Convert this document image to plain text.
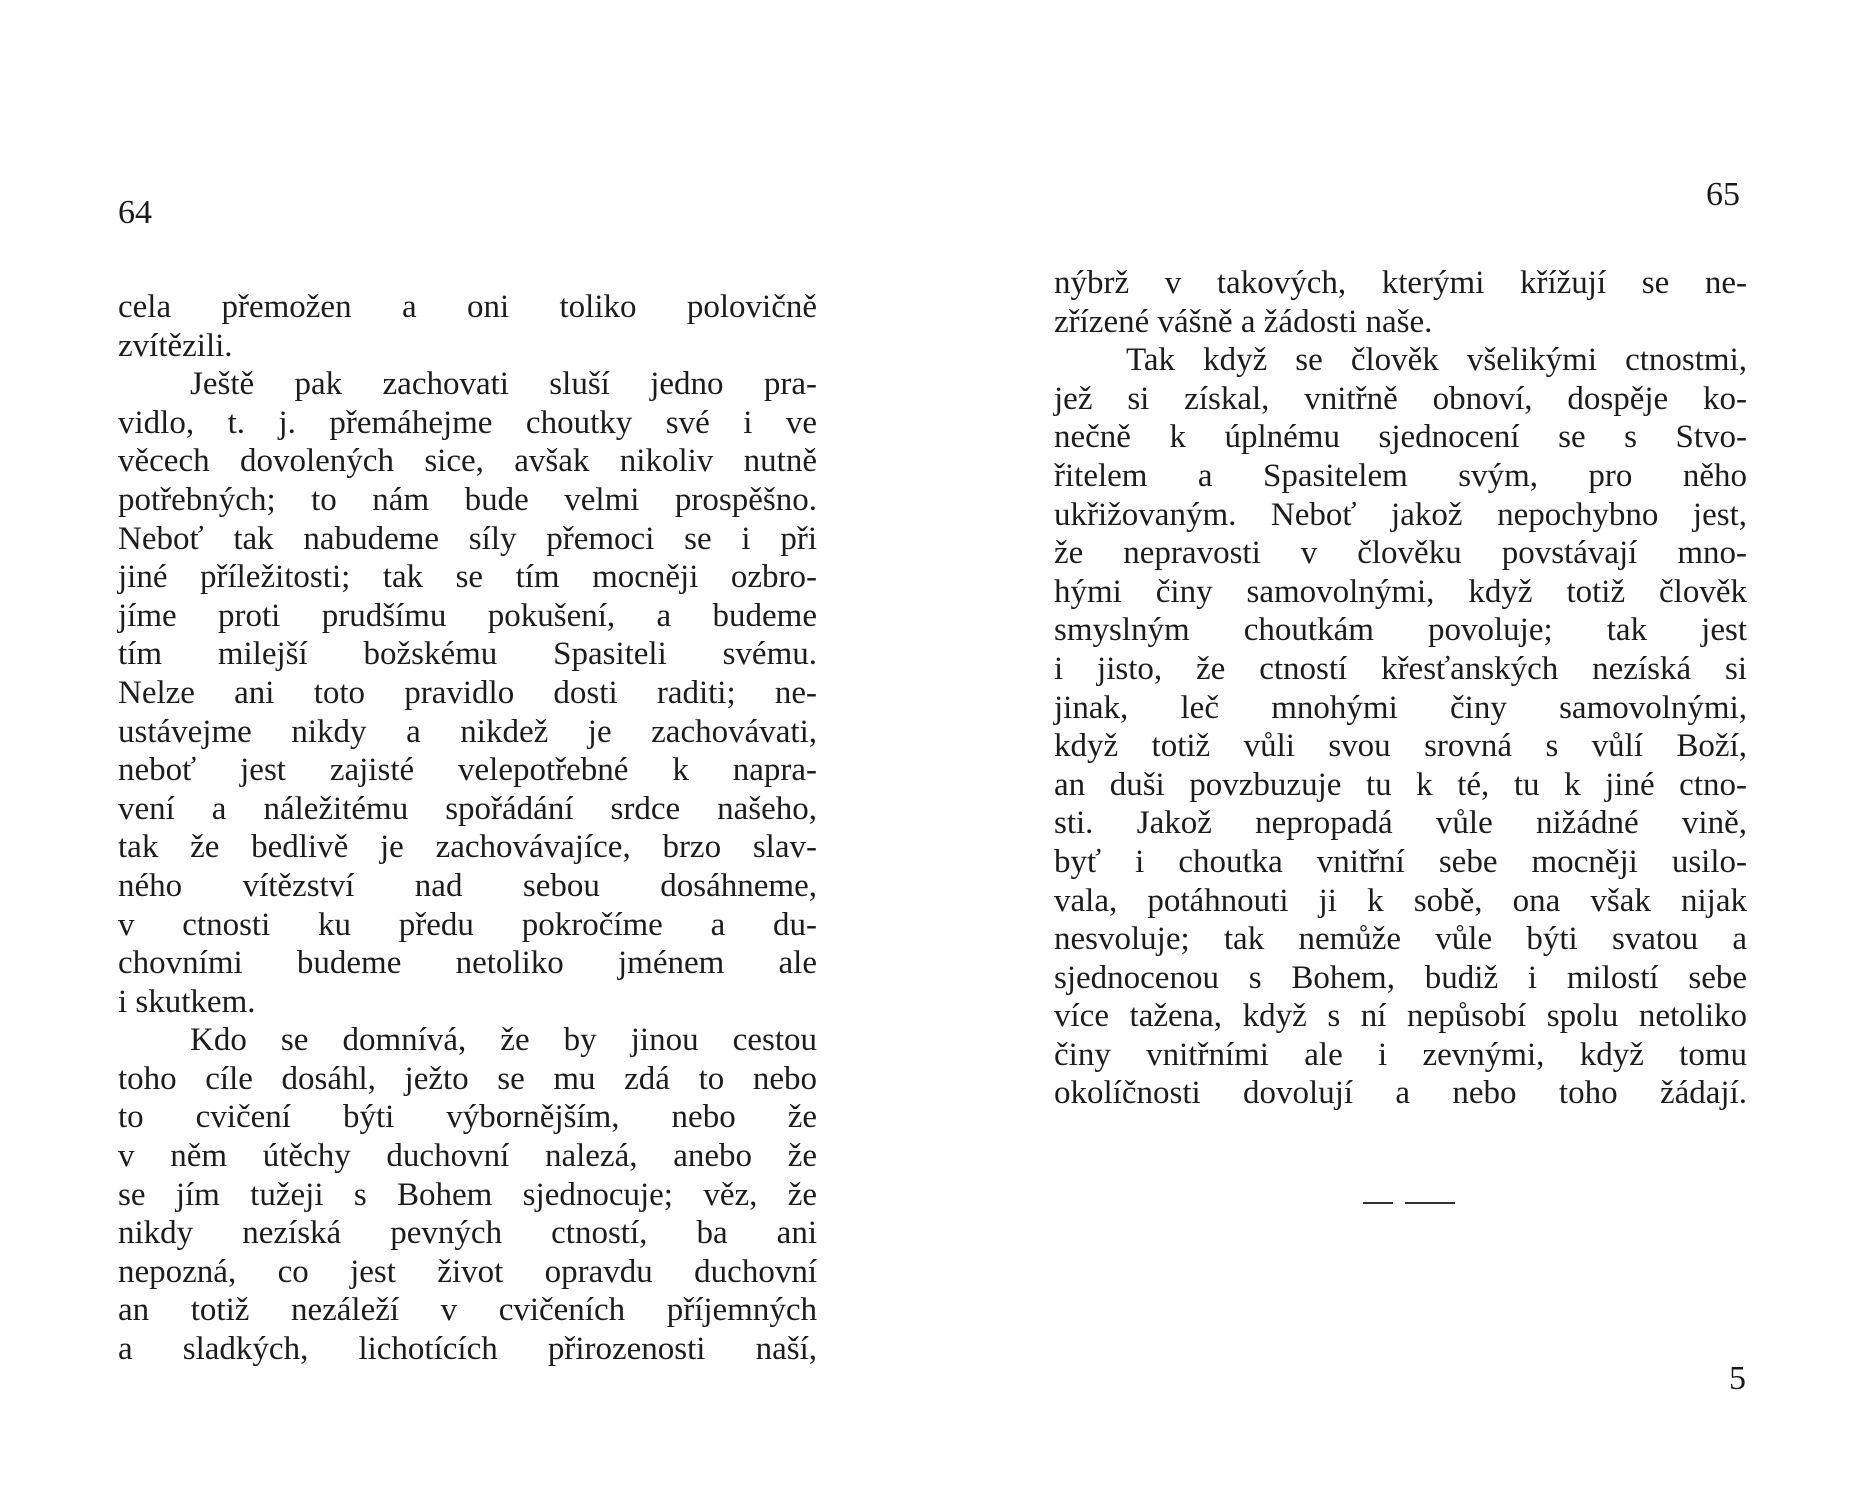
64
cela přemožen a oni toliko polovičně
zvítězili.
Ještě pak zachovati sluší jedno pra-
vidlo, t. j. přemáhejme choutky své i ve
věcech dovolených sice, avšak nikoliv nutně
potřebných; to nám bude velmi prospěšno.
Neboť tak nabudeme síly přemoci se i při
jiné příležitosti; tak se tím mocněji ozbro-
jíme proti prudšímu pokušení, a budeme
tím milejší božskému Spasiteli svému.
Nelze ani toto pravidlo dosti raditi; ne-
ustávejme nikdy a nikdež je zachovávati,
neboť jest zajisté velepotřebné k naprа-
vení a náležitému spořádání srdce našeho,
tak že bedlivě je zachovávajíce, brzo slav-
ného vítězství nad sebou dosáhneme,
v ctnosti ku předu pokročíme a du-
chovními budeme netoliko jménem ale
i skutkem.
Kdo se domnívá, že by jinou cestou
toho cíle dosáhl, ježto se mu zdá to nebo
to cvičení býti výbornějším, nebo že
v něm útěchy duchovní nalezá, anebo že
se jím tužeji s Bohem sjednocuje; věz, že
nikdy nezíská pevných ctností, ba ani
nepozná, co jest život opravdu duchovní
an totiž nezáleží v cvičeních příjemných
a sladkých, lichotících přirozenosti naší,
65
nýbrž v takových, kterými křížují se ne-
zřízené vášně a žádosti naše.
Tak když se člověk všelikými ctnostmi,
jež si získal, vnitřně obnoví, dospěje ko-
nečně k úplnému sjednocení se s Stvo-
řitelem a Spasitelem svým, pro něho
ukřižovaným. Neboť jakož nepochybno jest,
že nepravosti v člověku povstávají mno-
hými činy samovolnými, když totiž člověk
smyslným choutkám povoluje; tak jest
i jisto, že ctností křesťanských nezíská si
jinak, leč mnohými činy samovolnými,
když totiž vůli svou srovná s vůlí Boží,
an duši povzbuzuje tu k té, tu k jiné ctno-
sti. Jakož nepropadá vůle nižádné vině,
byť i choutka vnitřní sebe mocněji usilo-
vala, potáhnouti ji k sobě, ona však nijak
nesvoluje; tak nemůže vůle býti svatou a
sjednocenou s Bohem, budiž i milostí sebe
více tažena, když s ní nepůsobí spolu netoliko
činy vnitřními ale i zevnými, když tomu
okolíčnosti dovolují a nebo toho žádají.
5
